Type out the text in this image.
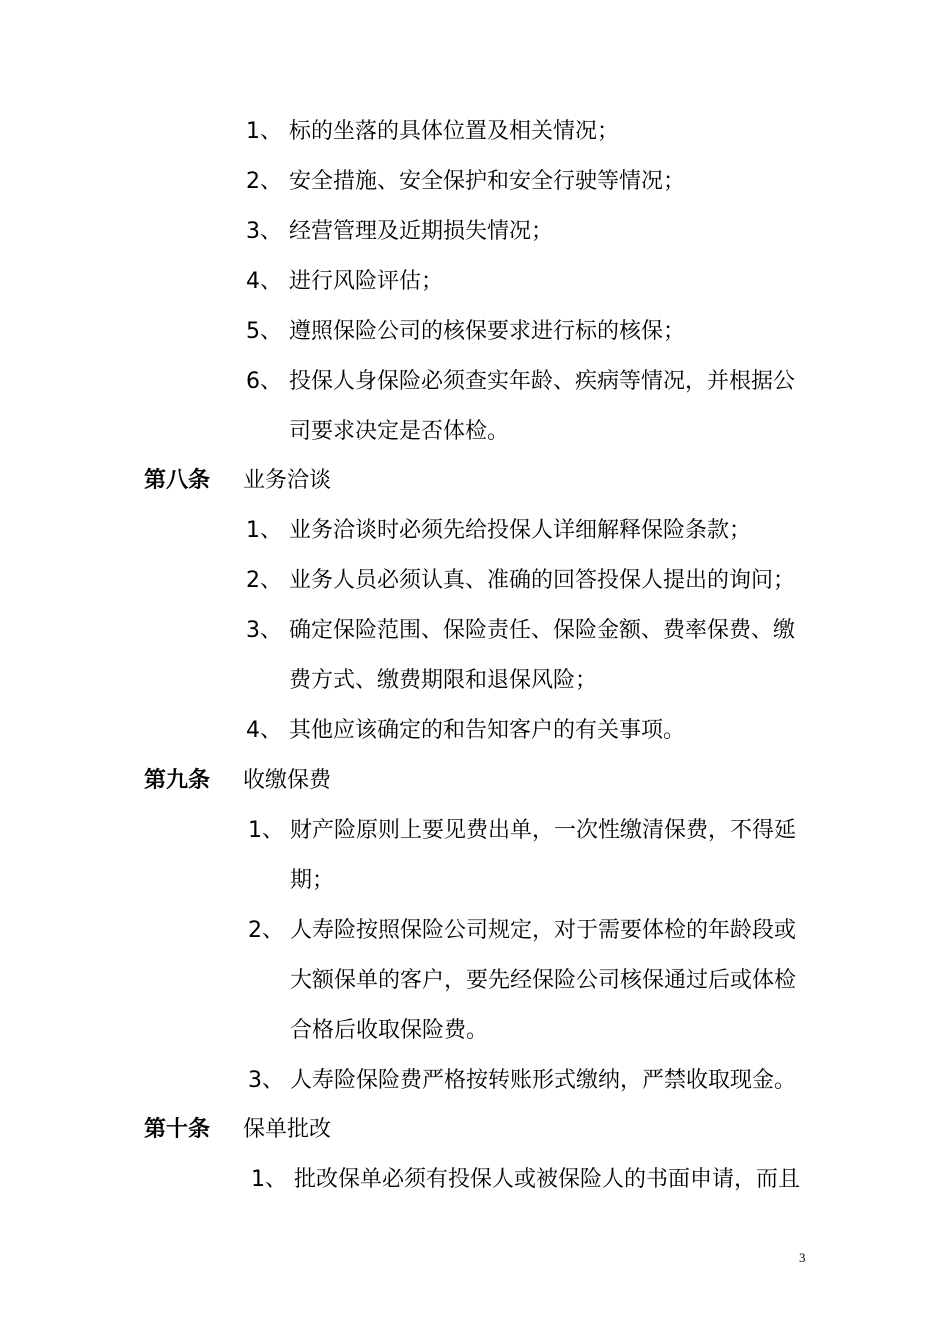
1、 标的坐落的具体位置及相关情况；
2、 安全措施、安全保护和安全行驶等情况；
3、 经营管理及近期损失情况；
4、 进行风险评估；
5、 遵照保险公司的核保要求进行标的核保；
6、 投保人身保险必须查实年龄、疾病等情况，并根据公
司要求决定是否体检。
第八条 业务洽谈
1、 业务洽谈时必须先给投保人详细解释保险条款；
2、 业务人员必须认真、准确的回答投保人提出的询问；
3、 确定保险范围、保险责任、保险金额、费率保费、缴
费方式、缴费期限和退保风险；
4、 其他应该确定的和告知客户的有关事项。
第九条 收缴保费
1、 财产险原则上要见费出单，一次性缴清保费，不得延
期；
2、 人寿险按照保险公司规定，对于需要体检的年龄段或
大额保单的客户，要先经保险公司核保通过后或体检
合格后收取保险费。
3、 人寿险保险费严格按转账形式缴纳，严禁收取现金。
第十条 保单批改
1、 批改保单必须有投保人或被保险人的书面申请，而且
3
